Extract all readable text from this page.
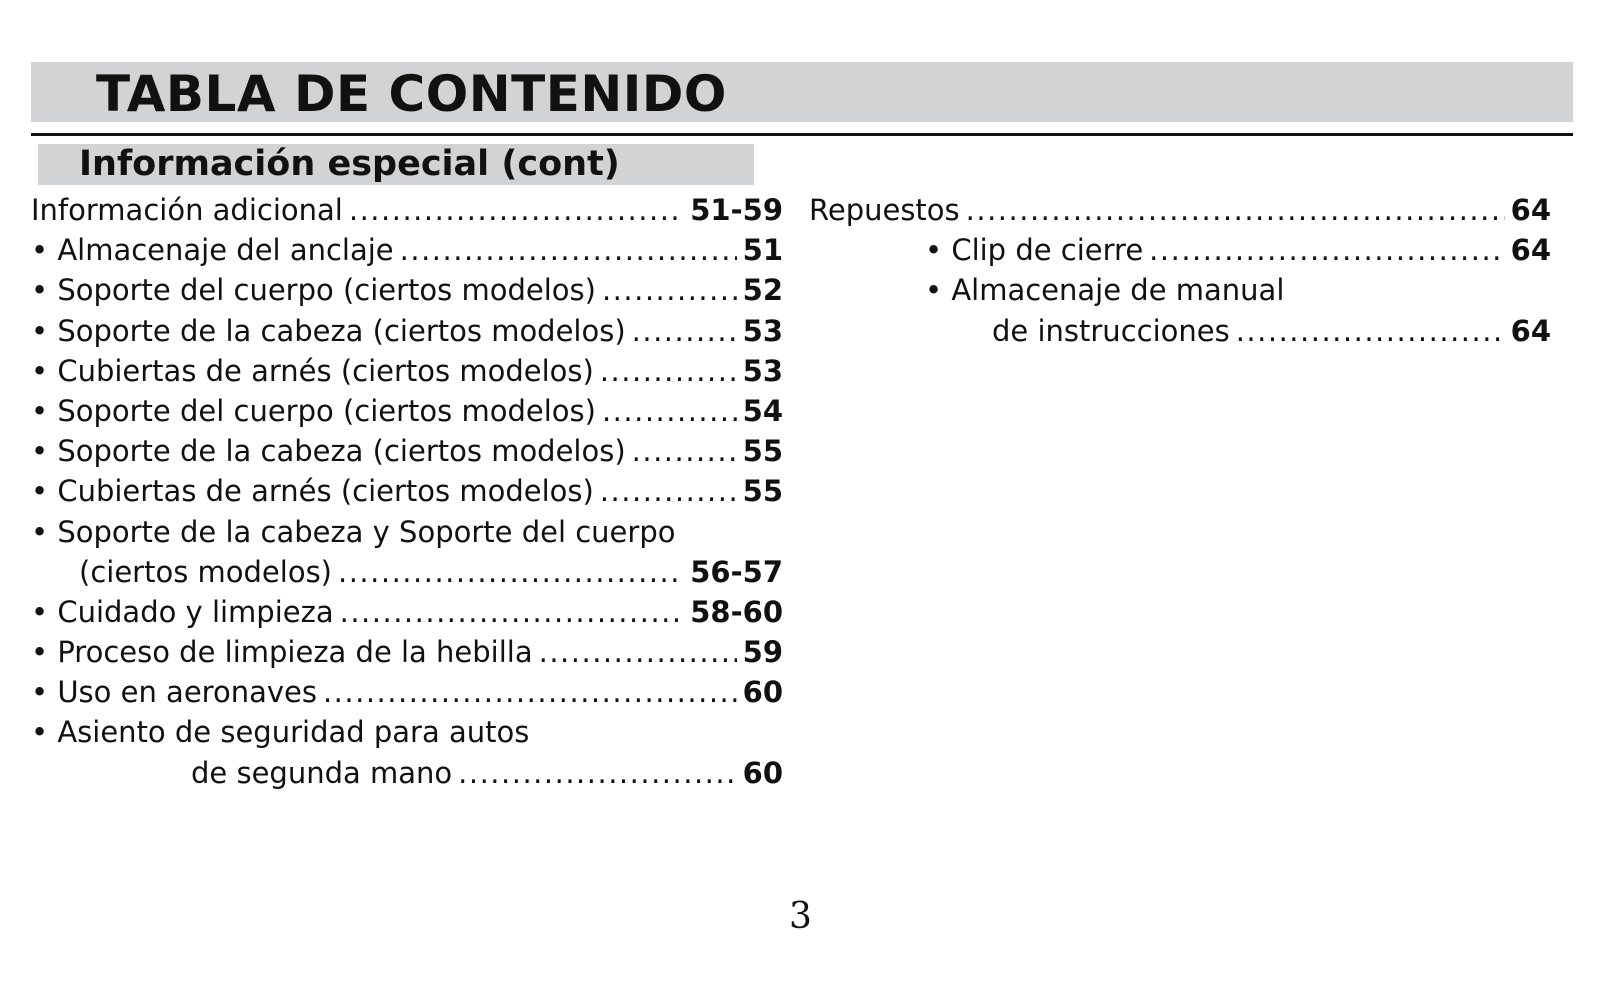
TABLA DE CONTENIDO
Información especial (cont)
Información adicional .....	51-59
• Almacenaje del anclaje .....	51
• Soporte del cuerpo (ciertos modelos) .....	52
• Soporte de la cabeza (ciertos modelos) .....	53
• Cubiertas de arnés (ciertos modelos) .....	53
• Soporte del cuerpo (ciertos modelos) .....	54
• Soporte de la cabeza (ciertos modelos) .....	55
• Cubiertas de arnés (ciertos modelos) .....	55
• Soporte de la cabeza y Soporte del cuerpo
(ciertos modelos) .....	56-57
• Cuidado y limpieza .....	58-60
• Proceso de limpieza de la hebilla .....	59
• Uso en aeronaves .....	60
• Asiento de seguridad para autos
de segunda mano .....	60
Repuestos .....	64
• Clip de cierre .....	64
• Almacenaje de manual
de instrucciones .....	64
3
